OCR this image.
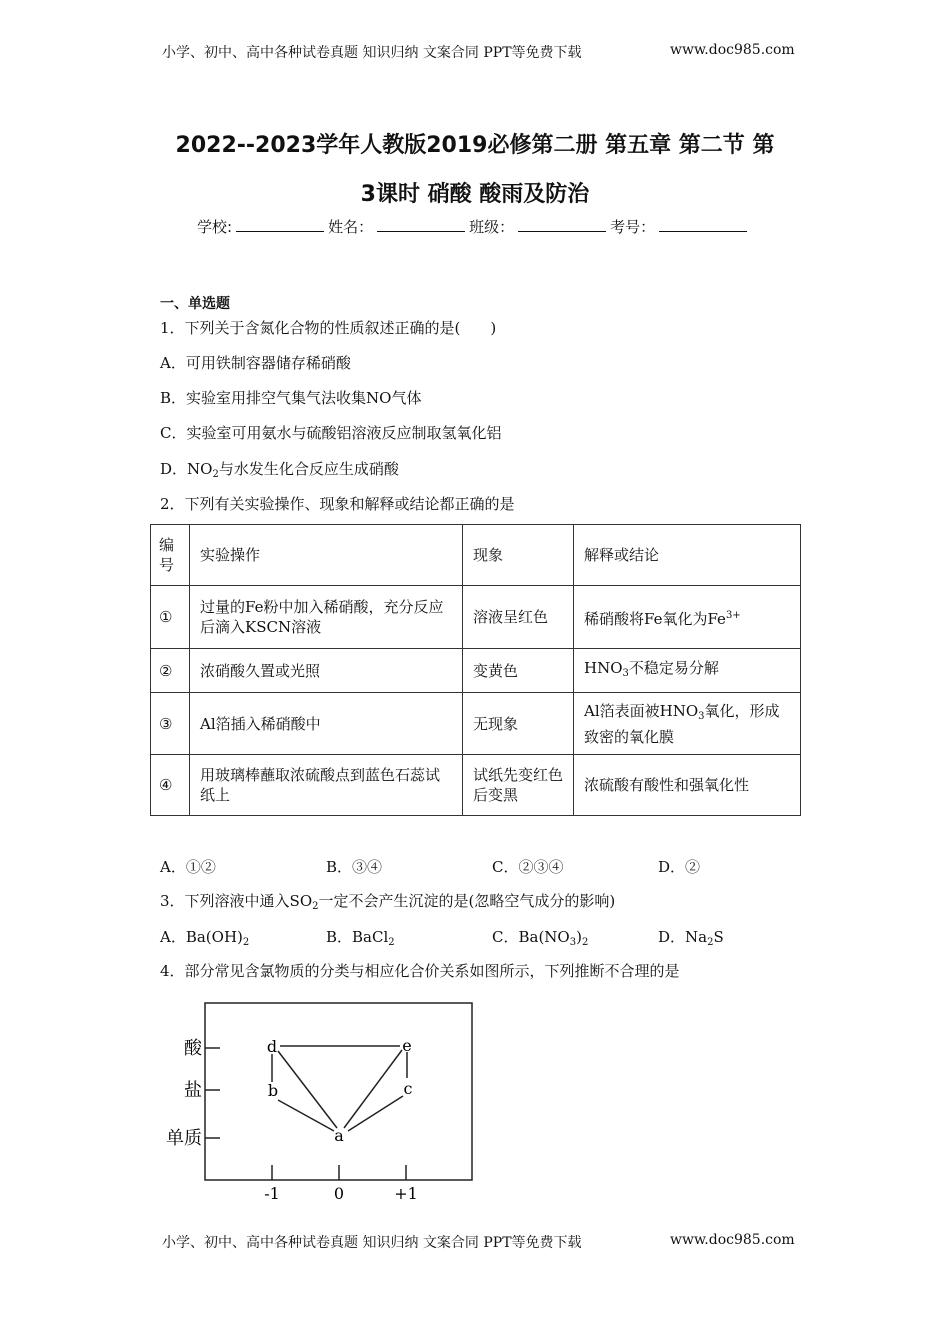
小学、初中、高中各种试卷真题 知识归纳 文案合同 PPT等免费下载	www.doc985.com
2022--2023学年人教版2019必修第二册 第五章 第二节 第
3课时 硝酸 酸雨及防治
学校:	姓名：	班级：	考号：
一、单选题
1．下列关于含氮化合物的性质叙述正确的是(　　)
A．可用铁制容器储存稀硝酸
B．实验室用排空气集气法收集NO气体
C．实验室可用氨水与硫酸铝溶液反应制取氢氧化铝
D．$NO_2$与水发生化合反应生成硝酸
2．下列有关实验操作、现象和解释或结论都正确的是
编号	实验操作	现象	解释或结论
①	过量的Fe粉中加入稀硝酸，充分反应后滴入KSCN溶液	溶液呈红色	稀硝酸将Fe氧化为$Fe^{3+}$
②	浓硝酸久置或光照	变黄色	$HNO_3$不稳定易分解
③	Al箔插入稀硝酸中	无现象	Al箔表面被$HNO_3$氧化，形成致密的氧化膜
④	用玻璃棒蘸取浓硫酸点到蓝色石蕊试纸上	试纸先变红色后变黑	浓硫酸有酸性和强氧化性
A．①②	B．③④	C．②③④	D．②
3．下列溶液中通入$SO_2$一定不会产生沉淀的是(忽略空气成分的影响)
A．$Ba(OH)_2$	B．BaCl$_2$	C．$Ba(NO_3)_2$	D．$Na_2S$
4．部分常见含氯物质的分类与相应化合价关系如图所示，下列推断不合理的是
酸
盐
单质
-1	0	+1
d	e
b	c
a
小学、初中、高中各种试卷真题 知识归纳 文案合同 PPT等免费下载	www.doc985.com
